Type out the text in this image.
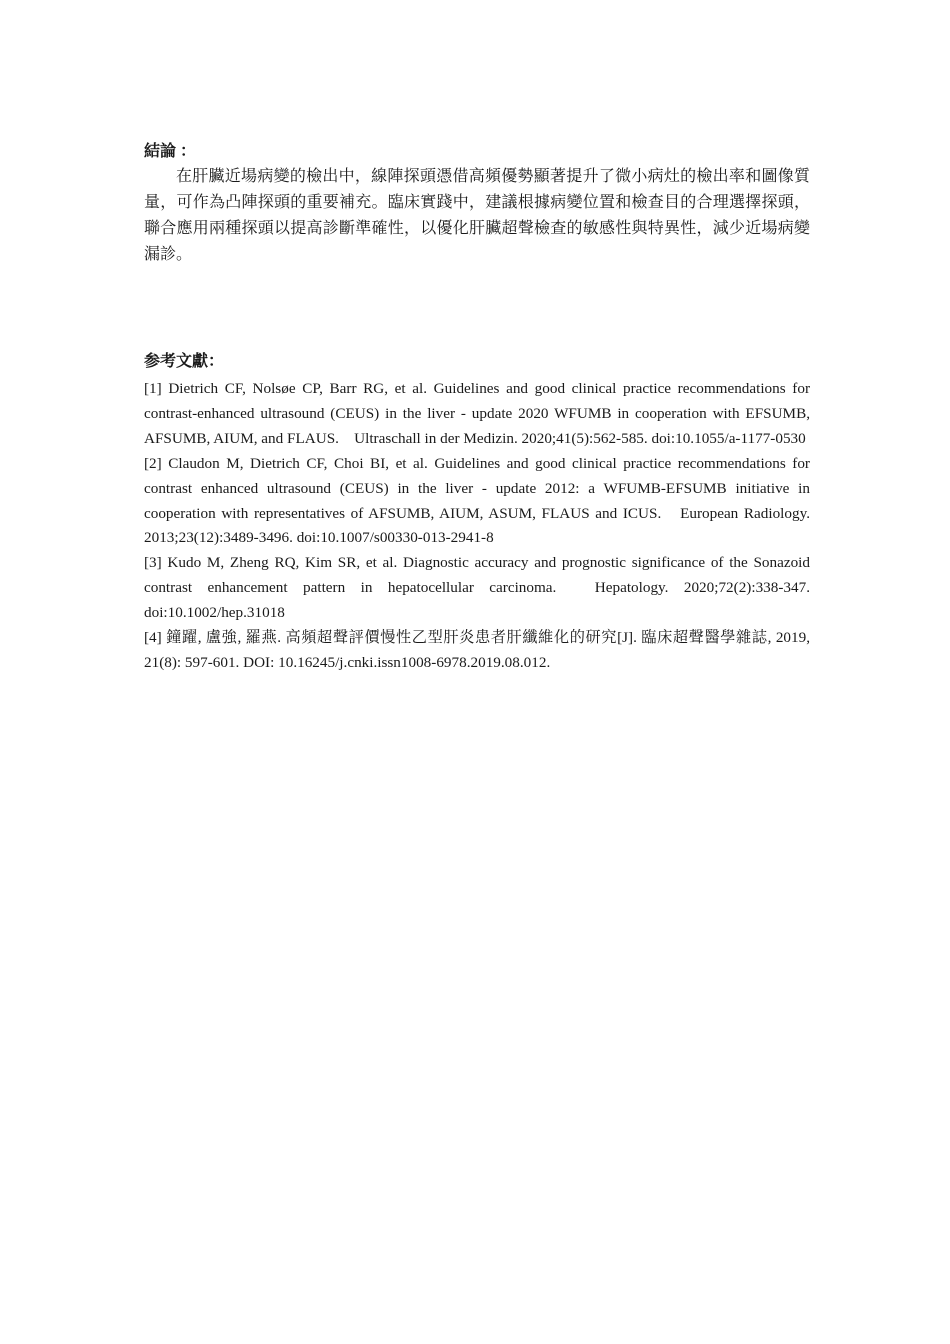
結論 ：

在肝臟近場病變的檢出中，線陣探頭憑借高頻優勢顯著提升了微小病灶的檢出率和圖像質量，可作為凸陣探頭的重要補充。臨床實踐中，建議根據病變位置和檢查目的合理選擇探頭，聯合應用兩種探頭以提高診斷準確性，以優化肝臟超聲檢查的敏感性與特異性，減少近場病變漏診。

参考文獻：

[1] Dietrich CF, Nolsøe CP, Barr RG, et al. Guidelines and good clinical practice recommendations for contrast-enhanced ultrasound (CEUS) in the liver - update 2020 WFUMB in cooperation with EFSUMB, AFSUMB, AIUM, and FLAUS.　Ultraschall in der Medizin. 2020;41(5):562-585. doi:10.1055/a-1177-0530

[2] Claudon M, Dietrich CF, Choi BI, et al. Guidelines and good clinical practice recommendations for contrast enhanced ultrasound (CEUS) in the liver - update 2012: a WFUMB-EFSUMB initiative in cooperation with representatives of AFSUMB, AIUM, ASUM, FLAUS and ICUS.　European Radiology. 2013;23(12):3489-3496. doi:10.1007/s00330-013-2941-8

[3] Kudo M, Zheng RQ, Kim SR, et al. Diagnostic accuracy and prognostic significance of the Sonazoid contrast enhancement pattern in hepatocellular carcinoma.　Hepatology. 2020;72(2):338-347. doi:10.1002/hep.31018

[4] 鐘躍, 盧強, 羅燕. 高頻超聲評價慢性乙型肝炎患者肝纖維化的研究[J]. 臨床超聲醫學雜誌, 2019, 21(8): 597-601. DOI: 10.16245/j.cnki.issn1008-6978.2019.08.012.
